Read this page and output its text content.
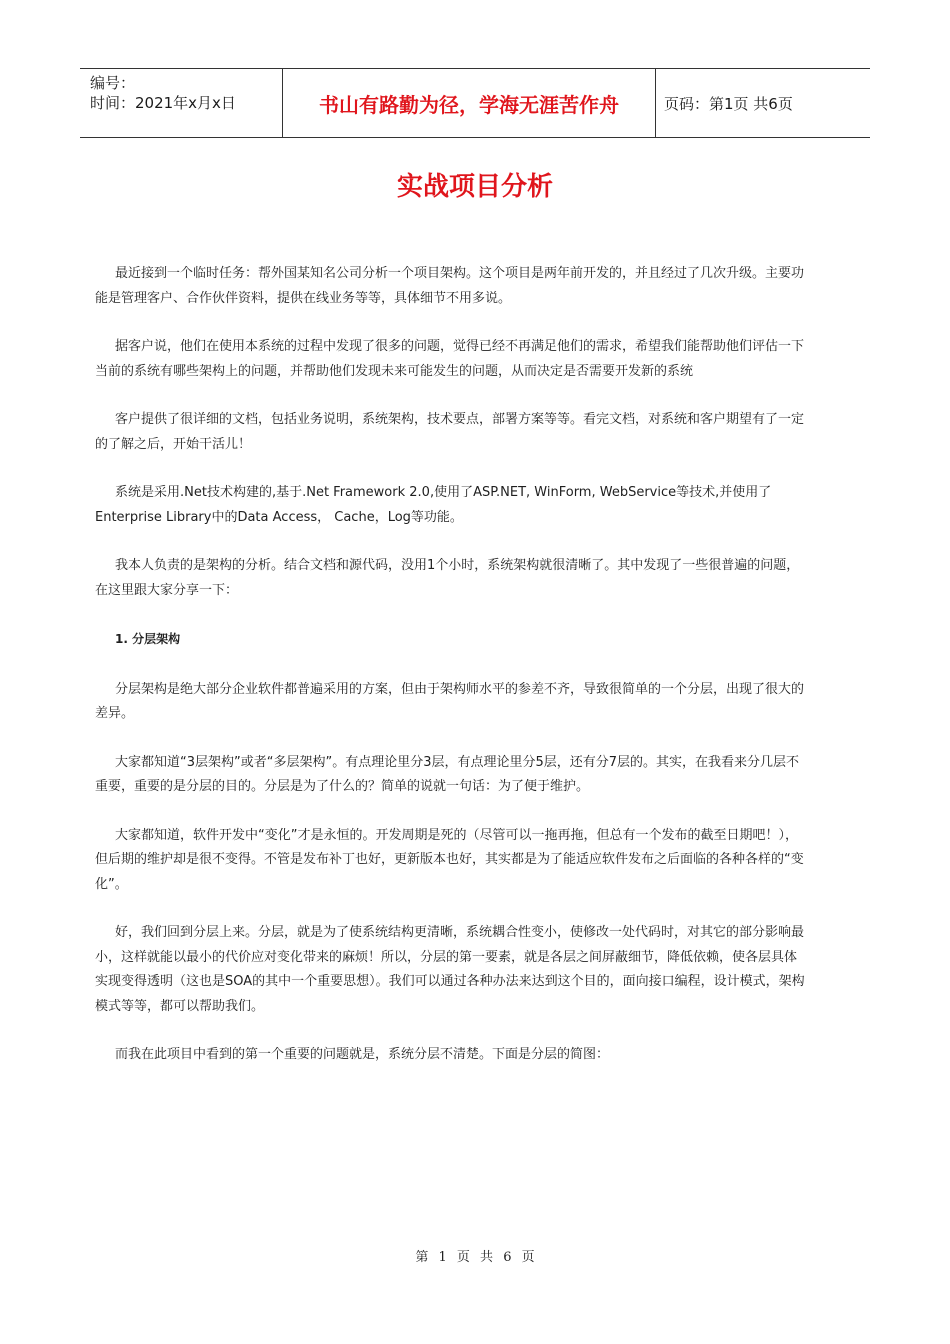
编号：
时间：2021年x月x日	书山有路勤为径，学海无涯苦作舟	页码：第1页 共6页
实战项目分析

最近接到一个临时任务：帮外国某知名公司分析一个项目架构。这个项目是两年前开发的，并且经过了几次升级。主要功能是管理客户、合作伙伴资料，提供在线业务等等，具体细节不用多说。

据客户说，他们在使用本系统的过程中发现了很多的问题，觉得已经不再满足他们的需求，希望我们能帮助他们评估一下当前的系统有哪些架构上的问题，并帮助他们发现未来可能发生的问题，从而决定是否需要开发新的系统

客户提供了很详细的文档，包括业务说明，系统架构，技术要点，部署方案等等。看完文档，对系统和客户期望有了一定的了解之后，开始干活儿！

系统是采用.Net技术构建的,基于.Net Framework 2.0,使用了ASP.NET, WinForm, WebService等技术,并使用了Enterprise Library中的Data Access， Cache，Log等功能。

我本人负责的是架构的分析。结合文档和源代码，没用1个小时，系统架构就很清晰了。其中发现了一些很普遍的问题，在这里跟大家分享一下：

1. 分层架构

分层架构是绝大部分企业软件都普遍采用的方案，但由于架构师水平的参差不齐，导致很简单的一个分层，出现了很大的差异。

大家都知道“3层架构”或者“多层架构”。有点理论里分3层，有点理论里分5层，还有分7层的。其实，在我看来分几层不重要，重要的是分层的目的。分层是为了什么的？简单的说就一句话：为了便于维护。

大家都知道，软件开发中“变化”才是永恒的。开发周期是死的（尽管可以一拖再拖，但总有一个发布的截至日期吧！），但后期的维护却是很不变得。不管是发布补丁也好，更新版本也好，其实都是为了能适应软件发布之后面临的各种各样的“变化”。

好，我们回到分层上来。分层，就是为了使系统结构更清晰，系统耦合性变小，使修改一处代码时，对其它的部分影响最小，这样就能以最小的代价应对变化带来的麻烦！所以，分层的第一要素，就是各层之间屏蔽细节，降低依赖，使各层具体实现变得透明（这也是SOA的其中一个重要思想）。我们可以通过各种办法来达到这个目的，面向接口编程，设计模式，架构模式等等，都可以帮助我们。

而我在此项目中看到的第一个重要的问题就是，系统分层不清楚。下面是分层的简图：

第 1 页 共 6 页
